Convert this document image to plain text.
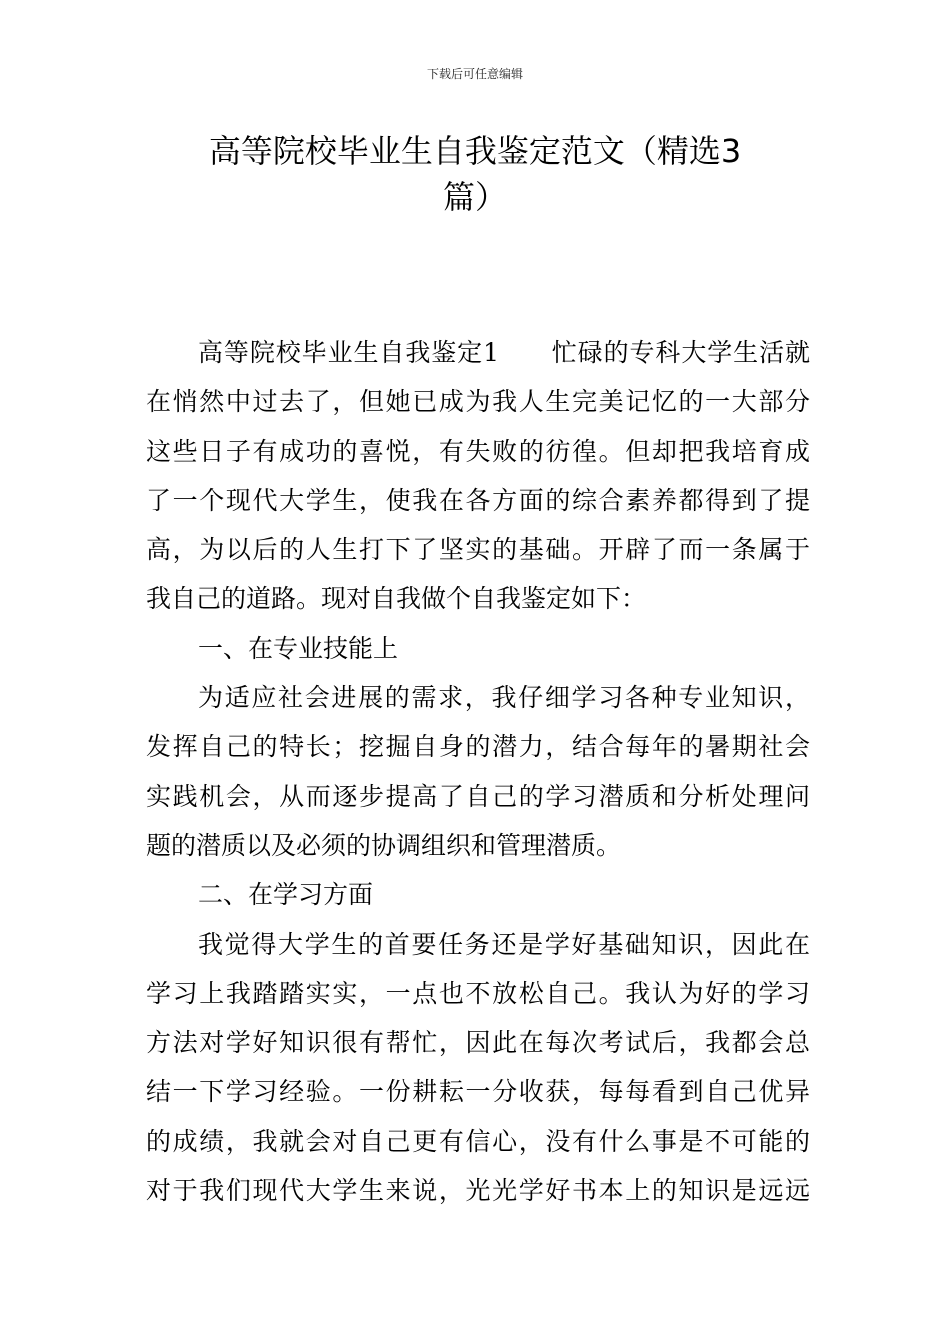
下载后可任意编辑
高等院校毕业生自我鉴定范文（精选3
篇）
高等院校毕业生自我鉴定1　　忙碌的专科大学生活就
在悄然中过去了，但她已成为我人生完美记忆的一大部分
这些日子有成功的喜悦，有失败的彷徨。但却把我培育成
了一个现代大学生，使我在各方面的综合素养都得到了提
高，为以后的人生打下了坚实的基础。开辟了而一条属于
我自己的道路。现对自我做个自我鉴定如下：
一、在专业技能上
为适应社会进展的需求，我仔细学习各种专业知识，
发挥自己的特长；挖掘自身的潜力，结合每年的暑期社会
实践机会，从而逐步提高了自己的学习潜质和分析处理问
题的潜质以及必须的协调组织和管理潜质。
二、在学习方面
我觉得大学生的首要任务还是学好基础知识，因此在
学习上我踏踏实实，一点也不放松自己。我认为好的学习
方法对学好知识很有帮忙，因此在每次考试后，我都会总
结一下学习经验。一份耕耘一分收获，每每看到自己优异
的成绩，我就会对自己更有信心，没有什么事是不可能的
对于我们现代大学生来说，光光学好书本上的知识是远远
